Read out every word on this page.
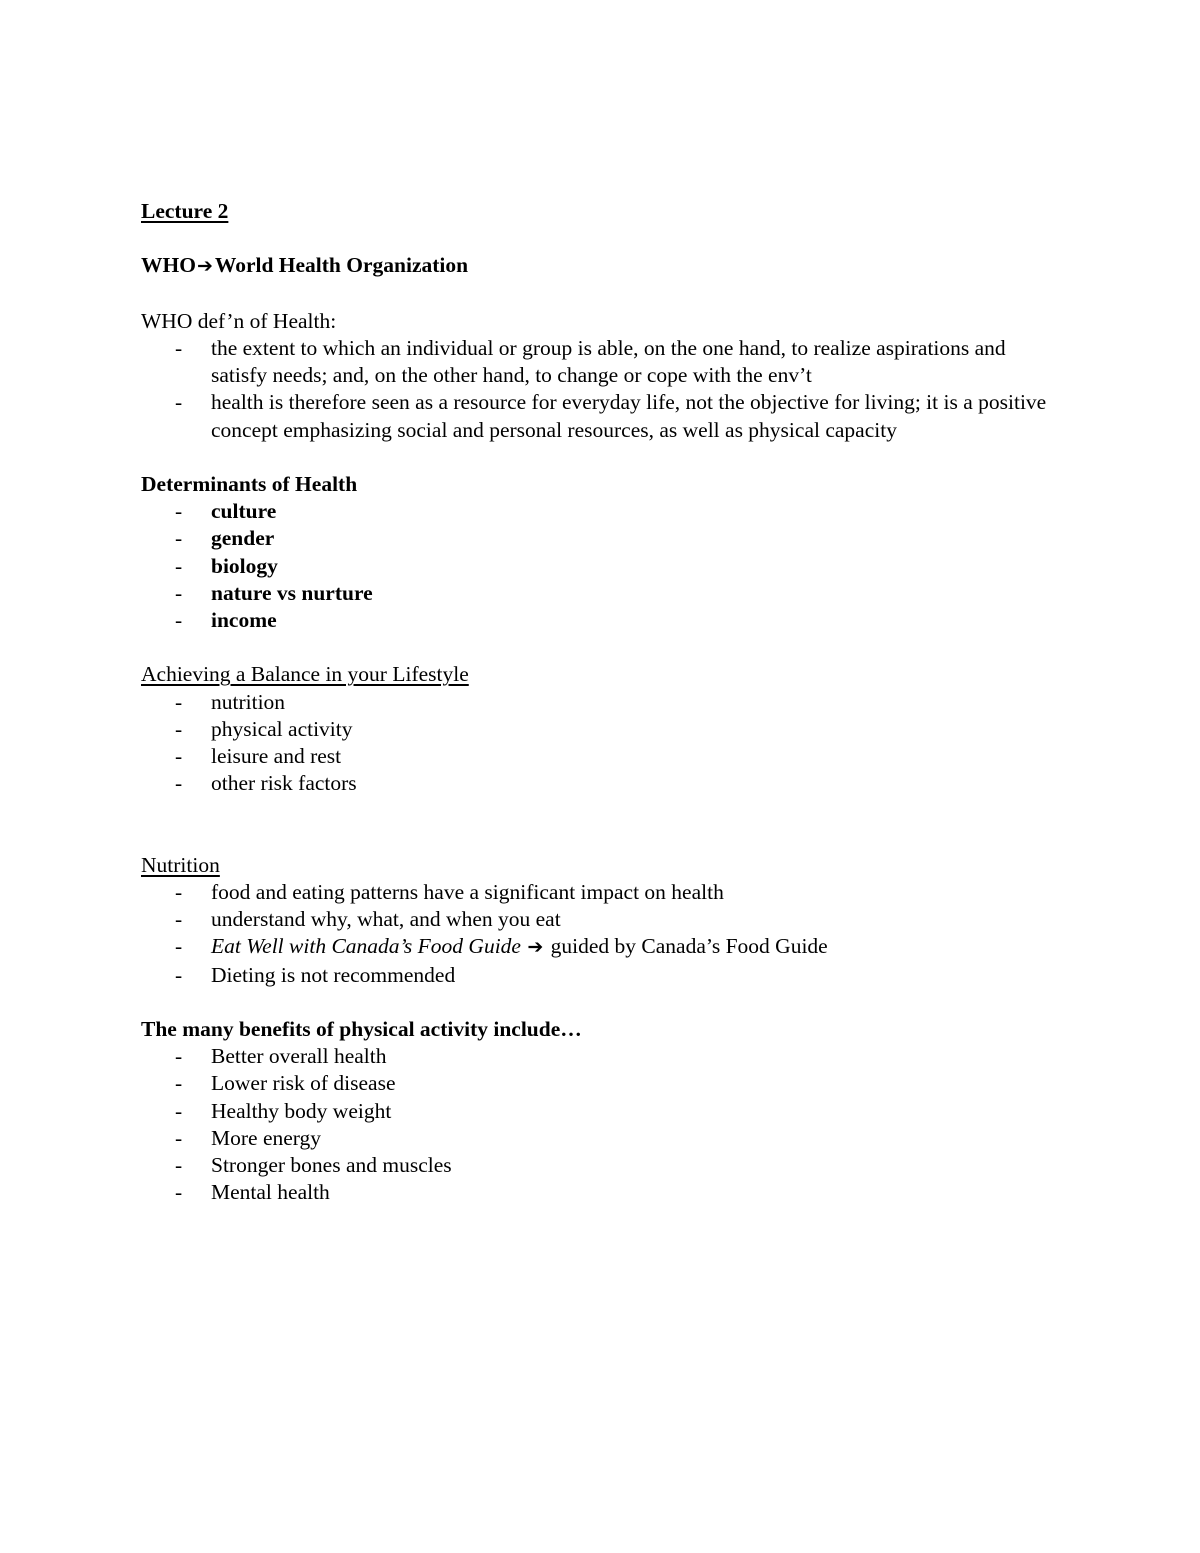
Lecture 2

WHO➔World Health Organization

WHO def’n of Health:

- the extent to which an individual or group is able, on the one hand, to realize aspirations and satisfy needs; and, on the other hand, to change or cope with the env’t
- health is therefore seen as a resource for everyday life, not the objective for living; it is a positive concept emphasizing social and personal resources, as well as physical capacity

Determinants of Health

- culture
- gender
- biology
- nature vs nurture
- income

Achieving a Balance in your Lifestyle

- nutrition
- physical activity
- leisure and rest
- other risk factors

Nutrition

- food and eating patterns have a significant impact on health
- understand why, what, and when you eat
- Eat Well with Canada’s Food Guide ➔ guided by Canada’s Food Guide
- Dieting is not recommended

The many benefits of physical activity include…

- Better overall health
- Lower risk of disease
- Healthy body weight
- More energy
- Stronger bones and muscles
- Mental health
